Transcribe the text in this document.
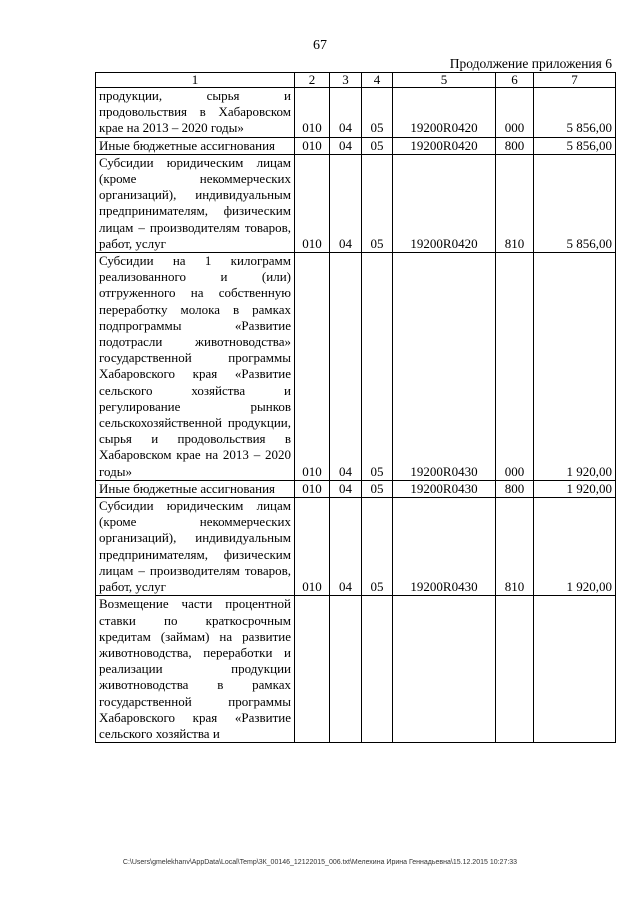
67
Продолжение приложения 6
1	2	3	4	5	6	7
продукции, сырья и продовольствия в Хабаровском крае на 2013 – 2020 годы»	010	04	05	19200R0420	000	5 856,00
Иные бюджетные ассигнования	010	04	05	19200R0420	800	5 856,00
Субсидии юридическим лицам (кроме некоммерческих организаций), индивидуальным предпринимателям, физическим лицам – производителям товаров, работ, услуг	010	04	05	19200R0420	810	5 856,00
Субсидии на 1 килограмм реализованного и (или) отгруженного на собственную переработку молока в рамках подпрограммы «Развитие подотрасли животноводства» государственной программы Хабаровского края «Развитие сельского хозяйства и регулирование рынков сельскохозяйственной продукции, сырья и продовольствия в Хабаровском крае на 2013 – 2020 годы»	010	04	05	19200R0430	000	1 920,00
Иные бюджетные ассигнования	010	04	05	19200R0430	800	1 920,00
Субсидии юридическим лицам (кроме некоммерческих организаций), индивидуальным предпринимателям, физическим лицам – производителям товаров, работ, услуг	010	04	05	19200R0430	810	1 920,00
Возмещение части процентной ставки по краткосрочным кредитам (займам) на развитие животноводства, переработки и реализации продукции животноводства в рамках государственной программы Хабаровского края «Развитие сельского хозяйства и						
C:\Users\gmelekhanv\AppData\Local\Temp\3К_00146_12122015_006.txt\Мелехина Ирина Геннадьевна\15.12.2015 10:27:33
